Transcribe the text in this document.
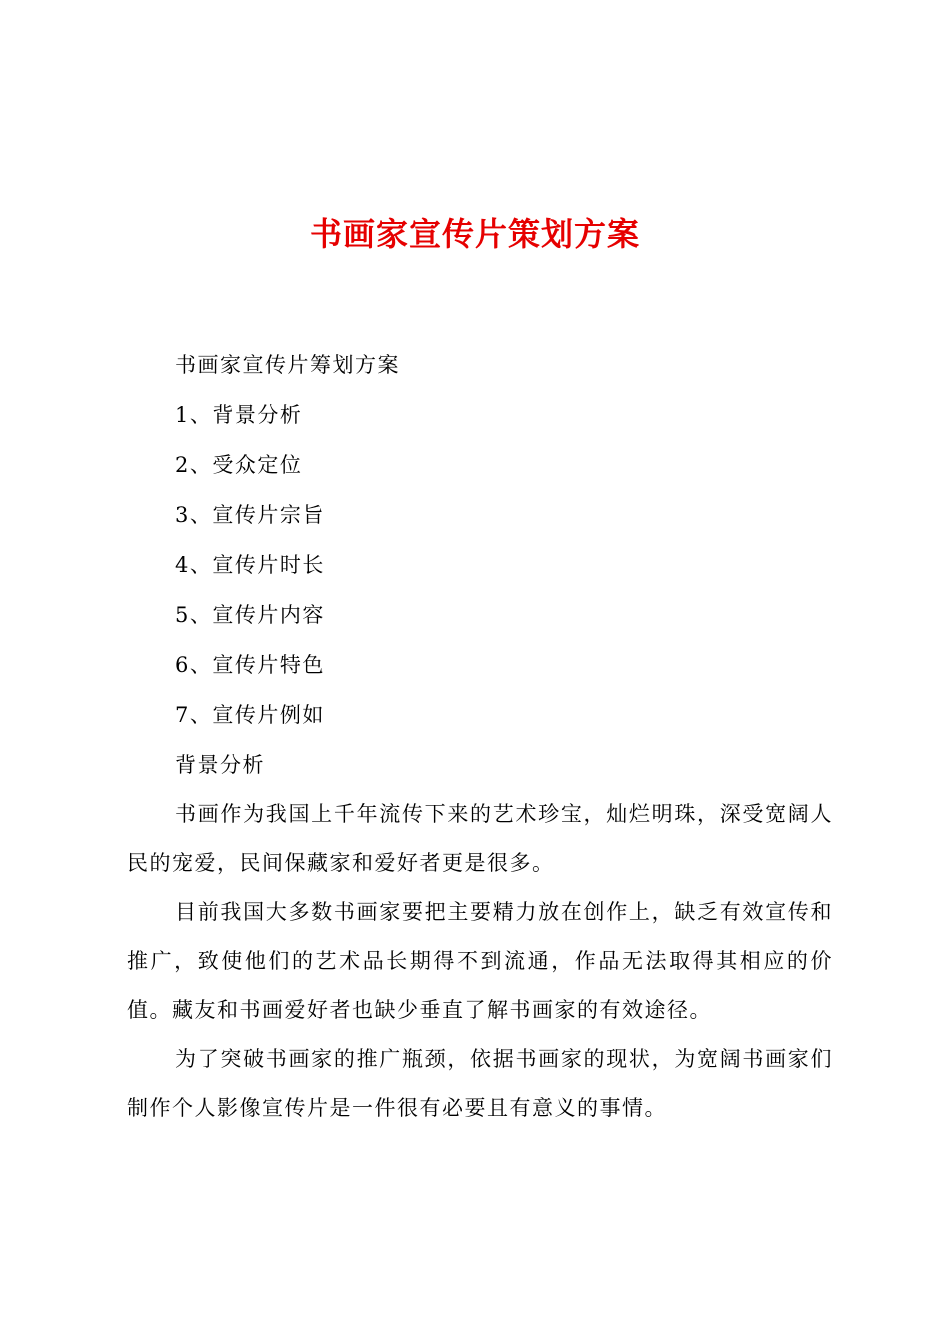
书画家宣传片策划方案
书画家宣传片筹划方案
1、背景分析
2、受众定位
3、宣传片宗旨
4、宣传片时长
5、宣传片内容
6、宣传片特色
7、宣传片例如
背景分析

书画作为我国上千年流传下来的艺术珍宝，灿烂明珠，深受宽阔人民的宠爱，民间保藏家和爱好者更是很多。

目前我国大多数书画家要把主要精力放在创作上，缺乏有效宣传和推广，致使他们的艺术品长期得不到流通，作品无法取得其相应的价值。藏友和书画爱好者也缺少垂直了解书画家的有效途径。

为了突破书画家的推广瓶颈，依据书画家的现状，为宽阔书画家们制作个人影像宣传片是一件很有必要且有意义的事情。
